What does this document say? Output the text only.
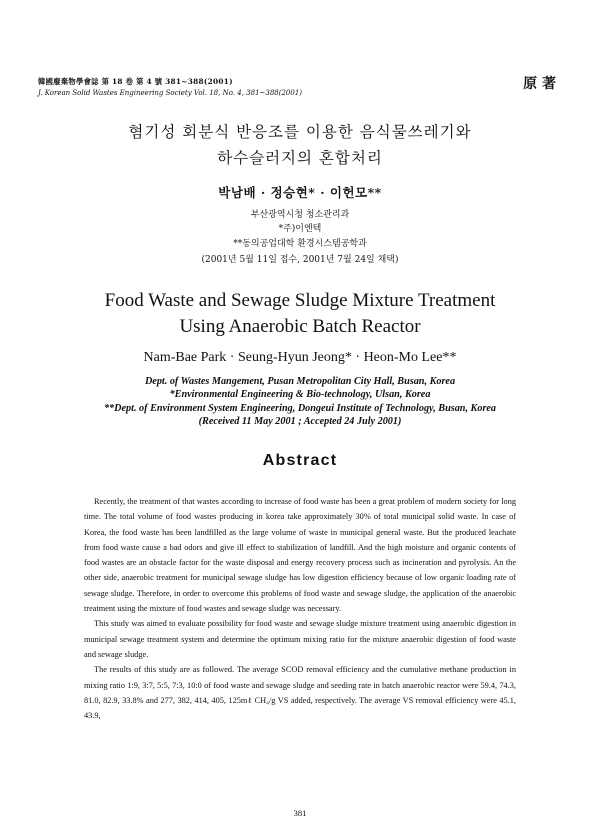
韓國廢棄物學會誌 第 18 卷 第 4 號 381~388(2001)
J. Korean Solid Wastes Engineering Society Vol. 18, No. 4, 381~388(2001)
原 著
혐기성 회분식 반응조를 이용한 음식물쓰레기와
하수슬러지의 혼합처리
박남배 · 정승현* · 이헌모**
부산광역시청 청소관리과
*주)이엔텍
**동의공업대학 환경시스템공학과
(2001년 5월 11일 접수, 2001년 7월 24일 채택)
Food Waste and Sewage Sludge Mixture Treatment
Using Anaerobic Batch Reactor
Nam-Bae Park · Seung-Hyun Jeong* · Heon-Mo Lee**
Dept. of Wastes Mangement, Pusan Metropolitan City Hall, Busan, Korea
*Environmental Engineering & Bio-technology, Ulsan, Korea
**Dept. of Environment System Engineering, Dongeui Institute of Technology, Busan, Korea
(Received 11 May 2001 ; Accepted 24 July 2001)
Abstract

Recently, the treatment of that wastes according to increase of food waste has been a great problem of modern society for long time. The total volume of food wastes producing in korea take approximately 30% of total municipal solid waste. In case of Korea, the food waste has been landfilled as the large volume of waste in municipal general waste. But the produced leachate from food waste cause a bad odors and give ill effect to stabilization of landfill. And the high moisture and organic contents of food wastes are an obstacle factor for the waste disposal and energy recovery process such as incineration and pyrolysis. An the other side, anaerobic treatment for municipal sewage sludge has low digestion efficiency because of low organic loading rate of sewage sludge. Therefore, in order to overcome this problems of food waste and sewage sludge, the application of the anaerobic treatment using the mixture of food wastes and sewage sludge was necessary.

This study was aimed to evaluate possibility for food waste and sewage sludge mixture treatment using anaerobic digestion in municipal sewage treatment system and determine the optimum mixing ratio for the mixture anaerobic digestion of food waste and sewage sludge.

The results of this study are as followed. The average SCOD removal efficiency and the cumulative methane production in mixing ratio 1:9, 3:7, 5:5, 7:3, 10:0 of food waste and sewage sludge and seeding rate in batch anaerobic reactor were 59.4, 74.3, 81.0, 82.9, 33.8% and 277, 382, 414, 405, 125mℓ CH₄/g VS added, respectively. The average VS removal efficiency were 45.1, 43.9,

381
